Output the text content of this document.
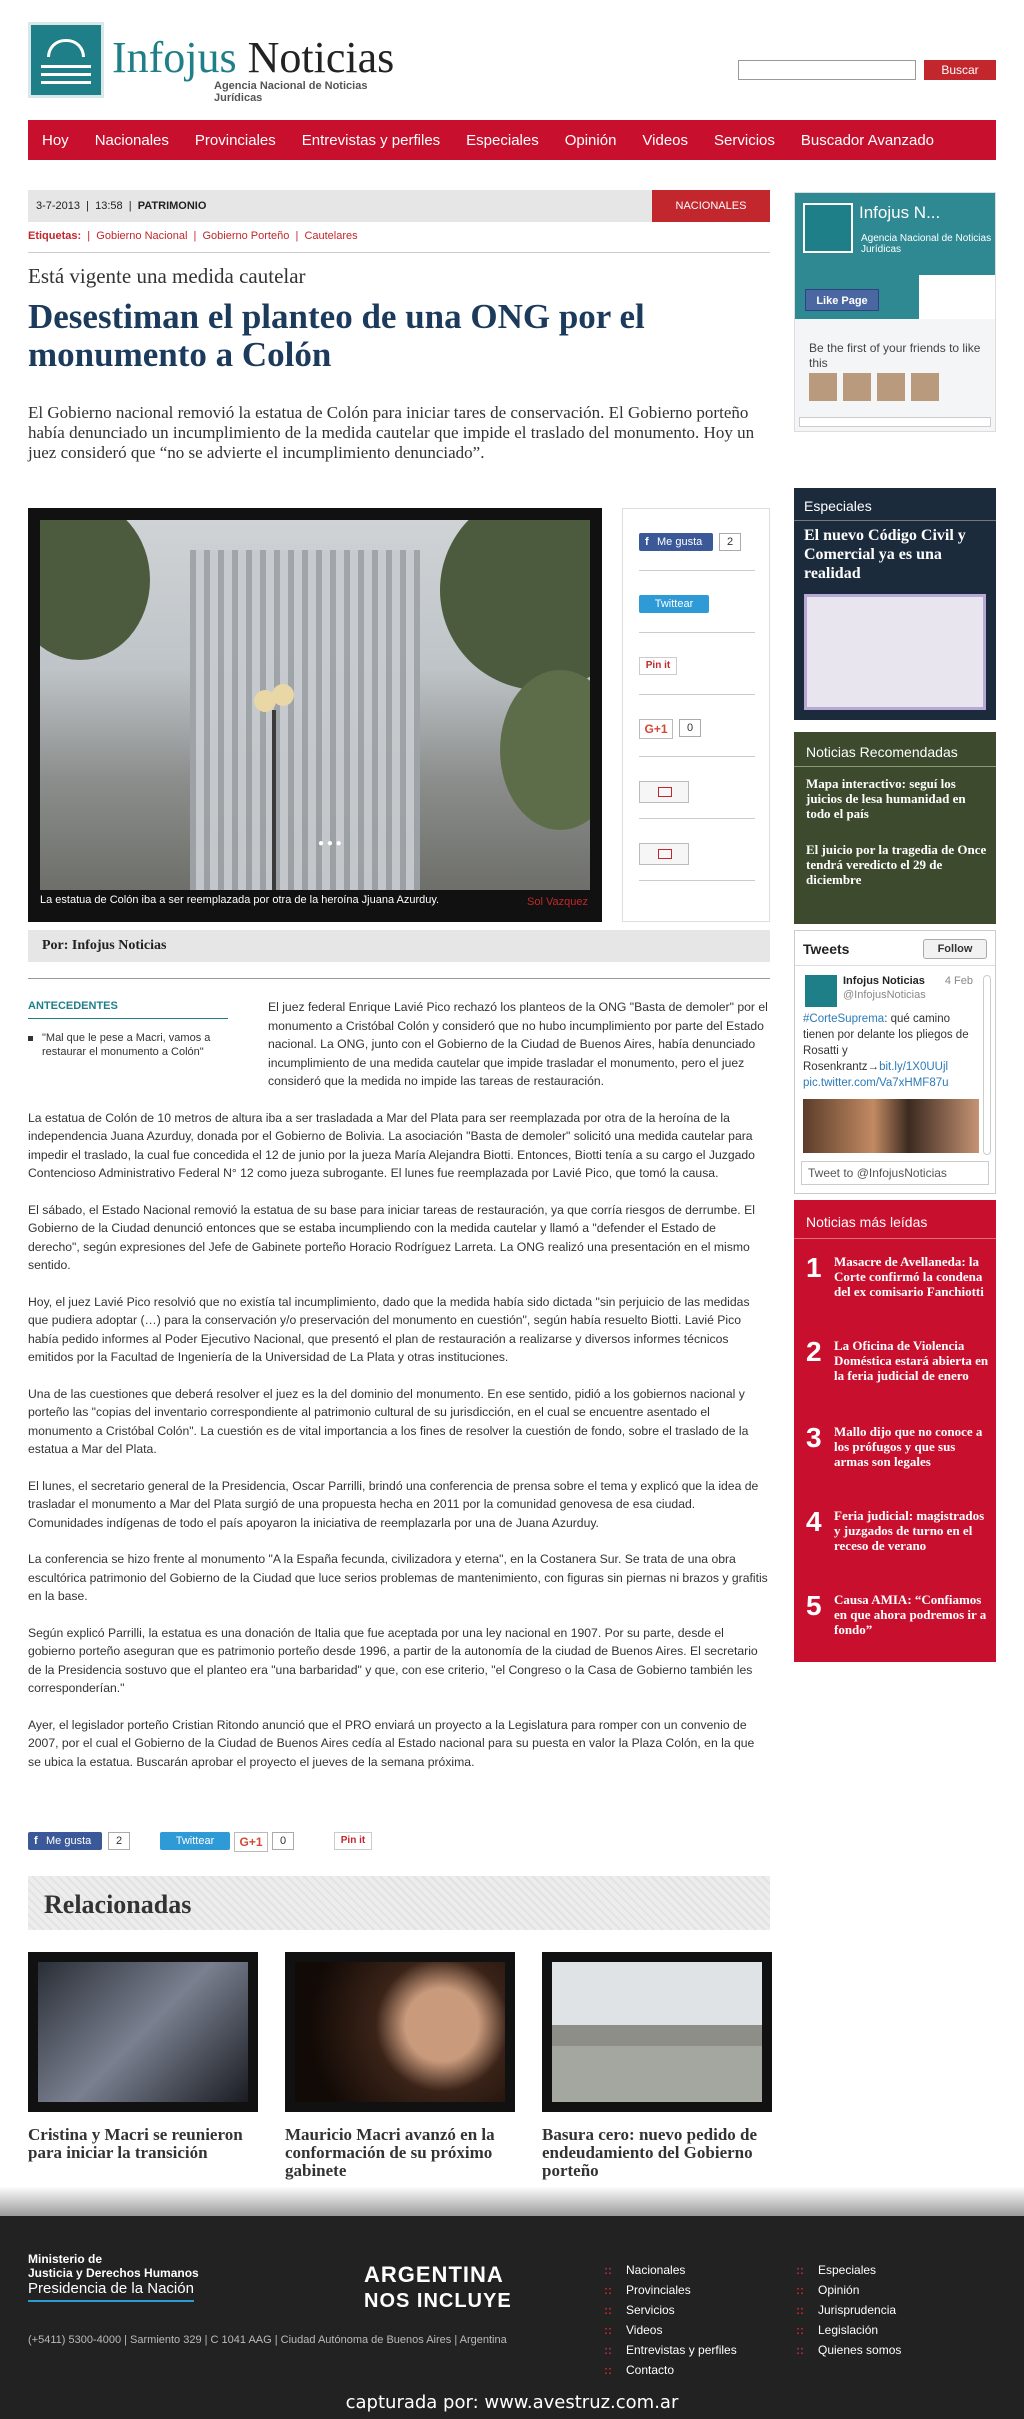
Infojus Noticias
Agencia Nacional de Noticias Jurídicas
Buscar
Hoy Nacionales Provinciales Entrevistas y perfiles Especiales Opinión Videos Servicios Buscador Avanzado
3-7-2013  |  13:58  |  PATRIMONIO	NACIONALES
Etiquetas:  |  Gobierno Nacional  |  Gobierno Porteño  |  Cautelares
Está vigente una medida cautelar
Desestiman el planteo de una ONG por el monumento a Colón

El Gobierno nacional removió la estatua de Colón para iniciar tares de conservación. El Gobierno porteño había denunciado un incumplimiento de la medida cautelar que impide el traslado del monumento. Hoy un juez consideró que “no se advierte el incumplimiento denunciado”.

● ● ●
La estatua de Colón iba a ser reemplazada por otra de la heroína Jjuana Azurduy.	Sol Vazquez
f Me gusta	2
Twittear
Pin it
G+1	0
Por: Infojus Noticias

El juez federal Enrique Lavié Pico rechazó los planteos de la ONG "Basta de demoler" por el monumento a Cristóbal Colón y consideró que no hubo incumplimiento por parte del Estado nacional. La ONG, junto con el Gobierno de la Ciudad de Buenos Aires, había denunciado incumplimiento de una medida cautelar que impide trasladar el monumento, pero el juez consideró que la medida no impide las tareas de restauración.

La estatua de Colón de 10 metros de altura iba a ser trasladada a Mar del Plata para ser reemplazada por otra de la heroína de la independencia Juana Azurduy, donada por el Gobierno de Bolivia. La asociación "Basta de demoler" solicitó una medida cautelar para impedir el traslado, la cual fue concedida el 12 de junio por la jueza María Alejandra Biotti. Entonces, Biotti tenía a su cargo el Juzgado Contencioso Administrativo Federal N° 12 como jueza subrogante. El lunes fue reemplazada por Lavié Pico, que tomó la causa.

El sábado, el Estado Nacional removió la estatua de su base para iniciar tareas de restauración, ya que corría riesgos de derrumbe. El Gobierno de la Ciudad denunció entonces que se estaba incumpliendo con la medida cautelar y llamó a "defender el Estado de derecho", según expresiones del Jefe de Gabinete porteño Horacio Rodríguez Larreta. La ONG realizó una presentación en el mismo sentido.

Hoy, el juez Lavié Pico resolvió que no existía tal incumplimiento, dado que la medida había sido dictada "sin perjuicio de las medidas que pudiera adoptar (…) para la conservación y/o preservación del monumento en cuestión", según había resuelto Biotti. Lavié Pico había pedido informes al Poder Ejecutivo Nacional, que presentó el plan de restauración a realizarse y diversos informes técnicos emitidos por la Facultad de Ingeniería de la Universidad de La Plata y otras instituciones.

Una de las cuestiones que deberá resolver el juez es la del dominio del monumento. En ese sentido, pidió a los gobiernos nacional y porteño las "copias del inventario correspondiente al patrimonio cultural de su jurisdicción, en el cual se encuentre asentado el monumento a Cristóbal Colón". La cuestión es de vital importancia a los fines de resolver la cuestión de fondo, sobre el traslado de la estatua a Mar del Plata.

El lunes, el secretario general de la Presidencia, Oscar Parrilli, brindó una conferencia de prensa sobre el tema y explicó que la idea de trasladar el monumento a Mar del Plata surgió de una propuesta hecha en 2011 por la comunidad genovesa de esa ciudad. Comunidades indígenas de todo el país apoyaron la iniciativa de reemplazarla por una de Juana Azurduy.

La conferencia se hizo frente al monumento "A la España fecunda, civilizadora y eterna", en la Costanera Sur. Se trata de una obra escultórica patrimonio del Gobierno de la Ciudad que luce serios problemas de mantenimiento, con figuras sin piernas ni brazos y grafitis en la base.

Según explicó Parrilli, la estatua es una donación de Italia que fue aceptada por una ley nacional en 1907. Por su parte, desde el gobierno porteño aseguran que es patrimonio porteño desde 1996, a partir de la autonomía de la ciudad de Buenos Aires. El secretario de la Presidencia sostuvo que el planteo era "una barbaridad" y que, con ese criterio, "el Congreso o la Casa de Gobierno también les corresponderían."

Ayer, el legislador porteño Cristian Ritondo anunció que el PRO enviará un proyecto a la Legislatura para romper con un convenio de 2007, por el cual el Gobierno de la Ciudad de Buenos Aires cedía al Estado nacional para su puesta en valor la Plaza Colón, en la que se ubica la estatua. Buscarán aprobar el proyecto el jueves de la semana próxima.

ANTECEDENTES
"Mal que le pese a Macri, vamos a restaurar el monumento a Colón"
f Me gusta	2	Twittear	G+1	0	Pin it
Relacionadas
Cristina y Macri se reunieron para iniciar la transición
Mauricio Macri avanzó en la conformación de su próximo gabinete
Basura cero: nuevo pedido de endeudamiento del Gobierno porteño
Infojus N...
Agencia Nacional de Noticias Jurídicas
Like Page
Be the first of your friends to like this
Especiales
El nuevo Código Civil y Comercial ya es una realidad
Noticias Recomendadas
Mapa interactivo: seguí los juicios de lesa humanidad en todo el país
El juicio por la tragedia de Once tendrá veredicto el 29 de diciembre
Tweets	Follow
Infojus Noticias
@InfojusNoticias
4 Feb
#CorteSuprema: qué camino tienen por delante los pliegos de Rosatti y Rosenkrantz→bit.ly/1X0UUjl pic.twitter.com/Va7xHMF87u
Tweet to @InfojusNoticias
Noticias más leídas
1 Masacre de Avellaneda: la Corte confirmó la condena del ex comisario Fanchiotti
2 La Oficina de Violencia Doméstica estará abierta en la feria judicial de enero
3 Mallo dijo que no conoce a los prófugos y que sus armas son legales
4 Feria judicial: magistrados y juzgados de turno en el receso de verano
5 Causa AMIA: “Confiamos en que ahora podremos ir a fondo”
Ministerio de
Justicia y Derechos Humanos
Presidencia de la Nación
(+5411) 5300-4000 | Sarmiento 329 | C 1041 AAG | Ciudad Autónoma de Buenos Aires | Argentina
ARGENTINA
NOS INCLUYE
:: Nacionales
:: Provinciales
:: Servicios
:: Videos
:: Entrevistas y perfiles
:: Contacto
:: Especiales
:: Opinión
:: Jurisprudencia
:: Legislación
:: Quienes somos
capturada por: www.avestruz.com.ar
